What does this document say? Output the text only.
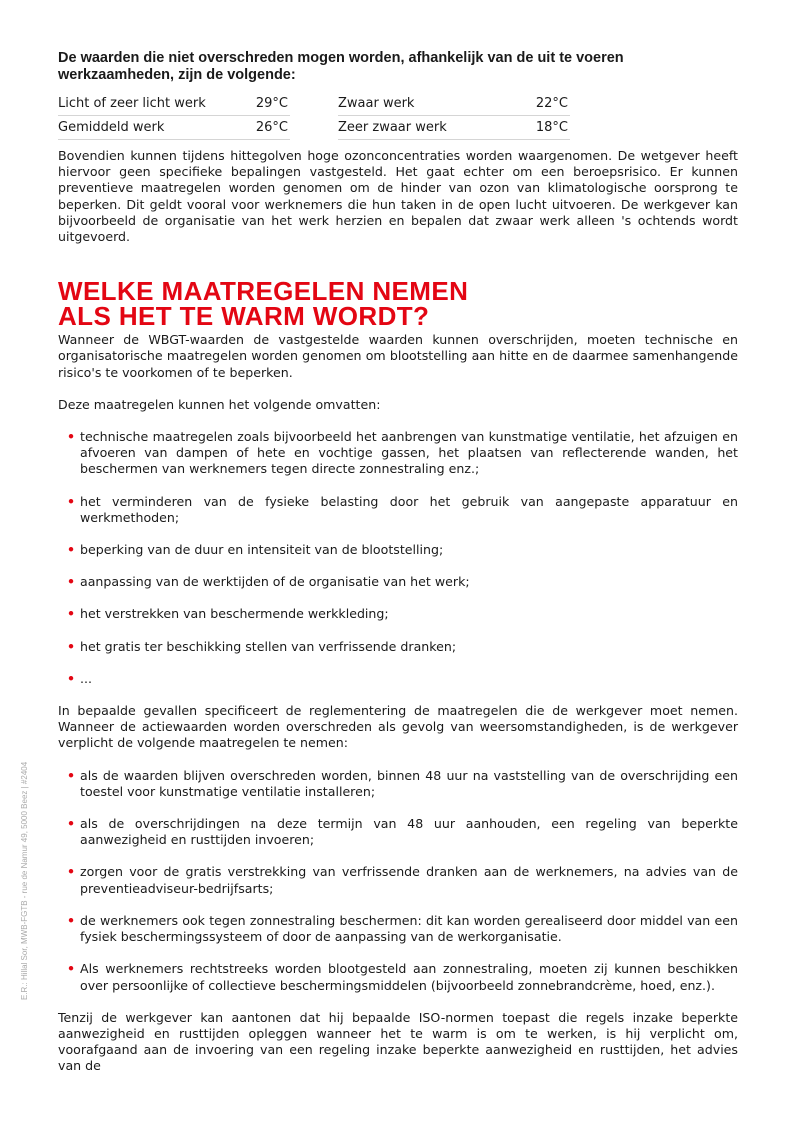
De waarden die niet overschreden mogen worden, afhankelijk van de uit te voeren werkzaamheden, zijn de volgende:
Licht of zeer licht werk	29°C
Gemiddeld werk	26°C
Zwaar werk	22°C
Zeer zwaar werk	18°C

Bovendien kunnen tijdens hittegolven hoge ozonconcentraties worden waargenomen. De wetgever heeft hiervoor geen specifieke bepalingen vastgesteld. Het gaat echter om een beroepsrisico. Er kunnen preventieve maatregelen worden genomen om de hinder van ozon van klimatologische oorsprong te beperken. Dit geldt vooral voor werknemers die hun taken in de open lucht uitvoeren. De werkgever kan bijvoorbeeld de organisatie van het werk herzien en bepalen dat zwaar werk alleen 's ochtends wordt uitgevoerd.

WELKE MAATREGELEN NEMEN
ALS HET TE WARM WORDT?

Wanneer de WBGT-waarden de vastgestelde waarden kunnen overschrijden, moeten technische en organisatorische maatregelen worden genomen om blootstelling aan hitte en de daarmee samenhangende risico's te voorkomen of te beperken.

Deze maatregelen kunnen het volgende omvatten:

• technische maatregelen zoals bijvoorbeeld het aanbrengen van kunstmatige ventilatie, het afzuigen en afvoeren van dampen of hete en vochtige gassen, het plaatsen van reflecterende wanden, het beschermen van werknemers tegen directe zonnestraling enz.;
• het verminderen van de fysieke belasting door het gebruik van aangepaste apparatuur en werkmethoden;
• beperking van de duur en intensiteit van de blootstelling;
• aanpassing van de werktijden of de organisatie van het werk;
• het verstrekken van beschermende werkkleding;
• het gratis ter beschikking stellen van verfrissende dranken;
• ...

In bepaalde gevallen specificeert de reglementering de maatregelen die de werkgever moet nemen. Wanneer de actiewaarden worden overschreden als gevolg van weersomstandigheden, is de werkgever verplicht de volgende maatregelen te nemen:

• als de waarden blijven overschreden worden, binnen 48 uur na vaststelling van de overschrijding een toestel voor kunstmatige ventilatie installeren;
• als de overschrijdingen na deze termijn van 48 uur aanhouden, een regeling van beperkte aanwezigheid en rusttijden invoeren;
• zorgen voor de gratis verstrekking van verfrissende dranken aan de werknemers, na advies van de preventieadviseur-bedrijfsarts;
• de werknemers ook tegen zonnestraling beschermen: dit kan worden gerealiseerd door middel van een fysiek beschermingssysteem of door de aanpassing van de werkorganisatie.
• Als werknemers rechtstreeks worden blootgesteld aan zonnestraling, moeten zij kunnen beschikken over persoonlijke of collectieve beschermingsmiddelen (bijvoorbeeld zonnebrandcrème, hoed, enz.).

Tenzij de werkgever kan aantonen dat hij bepaalde ISO-normen toepast die regels inzake beperkte aanwezigheid en rusttijden opleggen wanneer het te warm is om te werken, is hij verplicht om, voorafgaand aan de invoering van een regeling inzake beperkte aanwezigheid en rusttijden, het advies van de

E.R.: Hillal Sor, MWB-FGTB - rue de Namur 49, 5000 Beez | #2404
